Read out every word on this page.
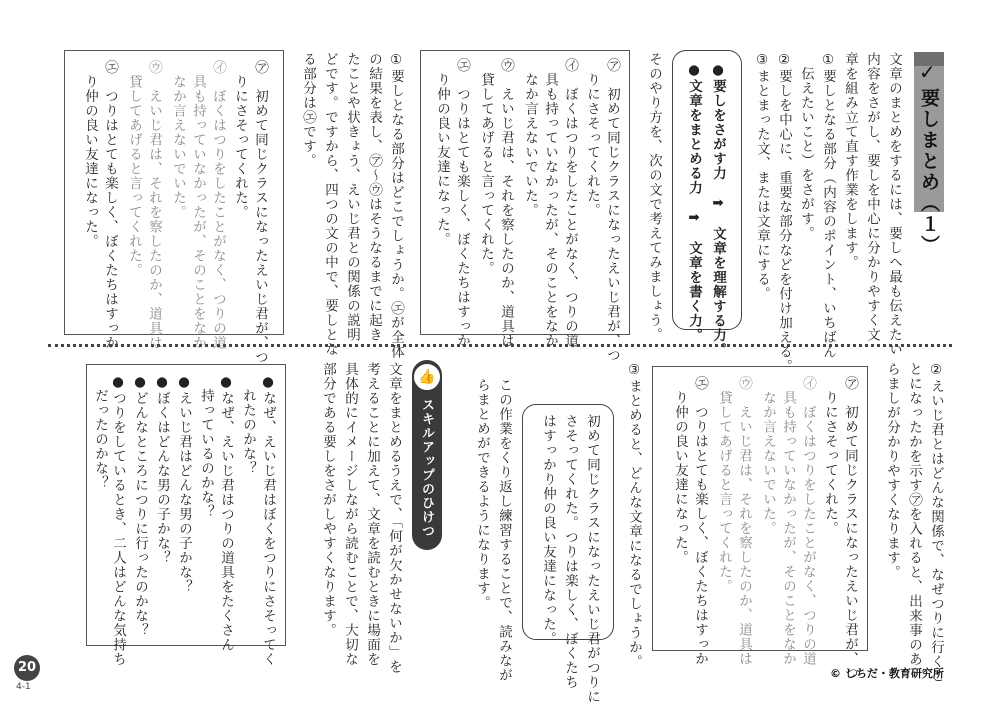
✓
要しまとめ（１）
文章のまとめをするには、要しへ最も伝えたい
内容をさがし、要しを中心に分かりやすく文
章を組み立て直す作業をします。
①要しとなる部分（内容のポイント、いちばん
　伝えたいこと）をさがす。
②要しを中心に、重要な部分などを付け加える。
③まとまった文、または文章にする。
●要しをさがす力　➡　文章を理解する力。
●文章をまとめる力　➡　文章を書く力。
そのやり方を、次の文で考えてみましょう。
㋐　初めて同じクラスになったえいじ君が、つ
　りにさそってくれた。
㋑　ぼくはつりをしたことがなく、つりの道
　具も持っていなかったが、そのことをなか
　なか言えないでいた。
㋒　えいじ君は、それを察したのか、道具は
　貸してあげると言ってくれた。
㋓　つりはとても楽しく、ぼくたちはすっか
　り仲の良い友達になった。
①要しとなる部分はどこでしょうか。㋓が全体
の結果を表し、㋐〜㋒はそうなるまでに起き
たことや状きょう、えいじ君との関係の説明
どです。ですから、四つの文の中で、要しとな
る部分は㋓です。
㋐　初めて同じクラスになったえいじ君が、つ
　りにさそってくれた。
㋑　ぼくはつりをしたことがなく、つりの道
　具も持っていなかったが、そのことをなか
　なか言えないでいた。
㋒　えいじ君は、それを察したのか、道具は
　貸してあげると言ってくれた。
㋓　つりはとても楽しく、ぼくたちはすっか
　り仲の良い友達になった。
②えいじ君とはどんな関係で、なぜつりに行くこ
とになったかを示す㋐を入れると、出来事のあ
らましが分かりやすくなります。
㋐　初めて同じクラスになったえいじ君が、つ
　りにさそってくれた。
㋑　ぼくはつりをしたことがなく、つりの道
　具も持っていなかったが、そのことをなか
　なか言えないでいた。
㋒　えいじ君は、それを察したのか、道具は
　貸してあげると言ってくれた。
㋓　つりはとても楽しく、ぼくたちはすっか
　り仲の良い友達になった。
③まとめると、どんな文章になるでしょうか。
初めて同じクラスになったえいじ君がつりに
さそってくれた。つりは楽しく、ぼくたち
はすっかり仲の良い友達になった。
この作業をくり返し練習することで、読みなが
らまとめができるようになります。
👍
スキルアップのひけつ
文章をまとめるうえで、「何が欠かせないか」を
考えることに加えて、文章を読むときに場面を
具体的にイメージしながら読むことで、大切な
部分である要しをさがしやすくなります。
●なぜ、えいじ君はぼくをつりにさそってく
　れたのかな？
●なぜ、えいじ君はつりの道具をたくさん
　持っているのかな？
●えいじ君はどんな男の子かな？
●ぼくはどんな男の子かな？
●どんなところにつりに行ったのかな？
●つりをしているとき、二人はどんな気持ち
　だったのかな？
20
4-1
© しちだ・教育研究所
